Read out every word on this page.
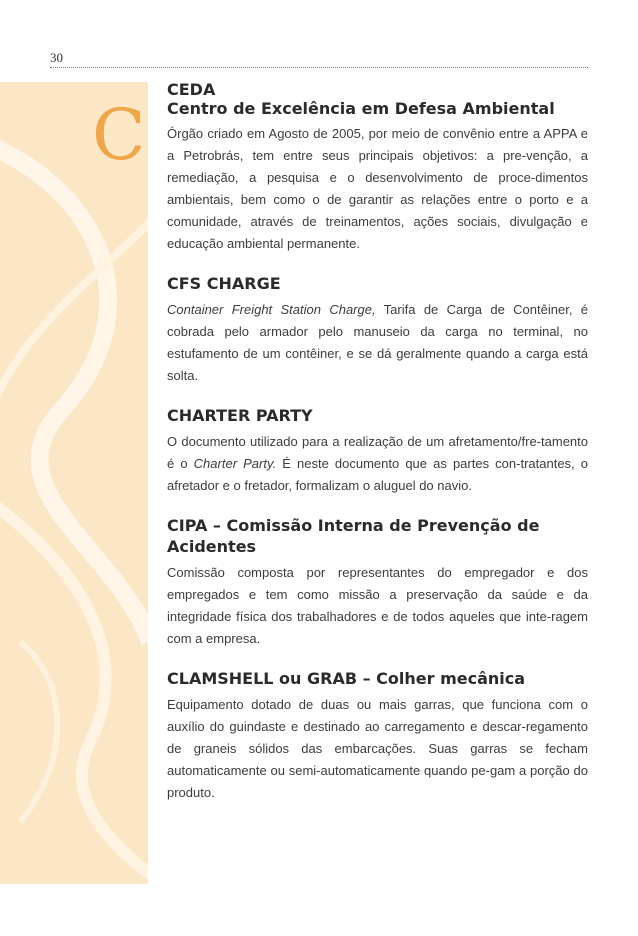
30
C

CEDA

Centro de Excelência em Defesa Ambiental

Órgão criado em Agosto de 2005, por meio de convênio entre a APPA e a Petrobrás, tem entre seus principais objetivos: a pre-venção, a remediação, a pesquisa e o desenvolvimento de proce-dimentos ambientais, bem como o de garantir as relações entre o porto e a comunidade, através de treinamentos, ações sociais, divulgação e educação ambiental permanente.

CFS CHARGE

Container Freight Station Charge, Tarifa de Carga de Contêiner, é cobrada pelo armador pelo manuseio da carga no terminal, no estufamento de um contêiner, e se dá geralmente quando a carga está solta.

CHARTER PARTY

O documento utilizado para a realização de um afretamento/fre-tamento é o Charter Party. É neste documento que as partes con-tratantes, o afretador e o fretador, formalizam o aluguel do navio.

CIPA – Comissão Interna de Prevenção de Acidentes

Comissão composta por representantes do empregador e dos empregados e tem como missão a preservação da saúde e da integridade física dos trabalhadores e de todos aqueles que inte-ragem com a empresa.

CLAMSHELL ou GRAB – Colher mecânica

Equipamento dotado de duas ou mais garras, que funciona com o auxílio do guindaste e destinado ao carregamento e descar-regamento de graneis sólidos das embarcações. Suas garras se fecham automaticamente ou semi-automaticamente quando pe-gam a porção do produto.
